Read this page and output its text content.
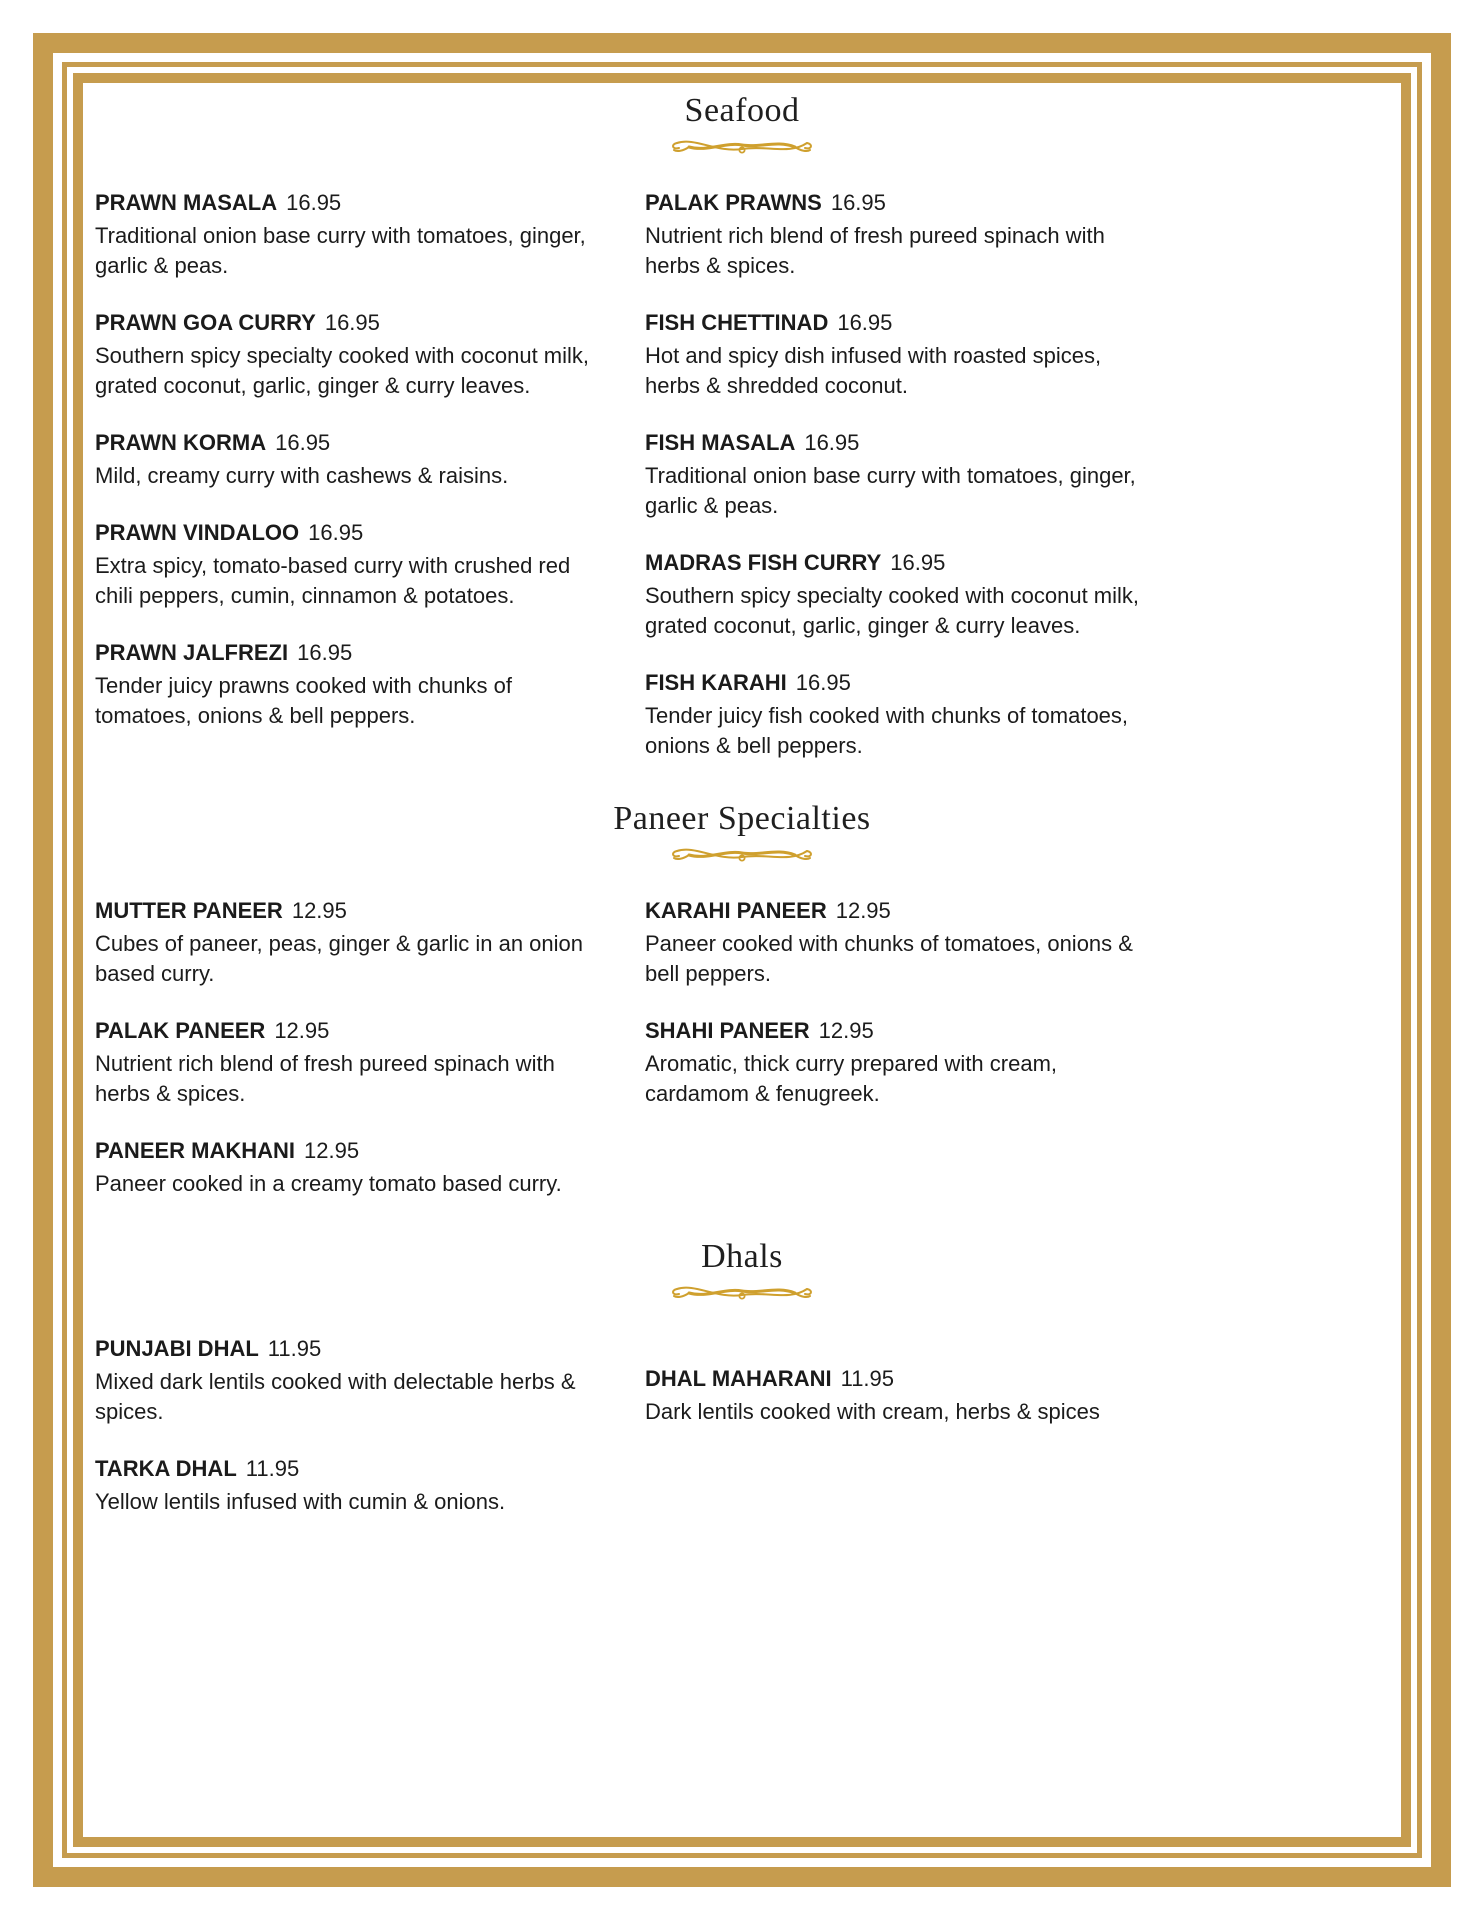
Seafood
PRAWN MASALA 16.95
Traditional onion base curry with tomatoes, ginger, garlic & peas.
PRAWN GOA CURRY 16.95
Southern spicy specialty cooked with coconut milk, grated coconut, garlic, ginger & curry leaves.
PRAWN KORMA 16.95
Mild, creamy curry with cashews & raisins.
PRAWN VINDALOO 16.95
Extra spicy, tomato-based curry with crushed red chili peppers, cumin, cinnamon & potatoes.
PRAWN JALFREZI 16.95
Tender juicy prawns cooked with chunks of tomatoes, onions & bell peppers.
PALAK PRAWNS 16.95
Nutrient rich blend of fresh pureed spinach with herbs & spices.
FISH CHETTINAD 16.95
Hot and spicy dish infused with roasted spices, herbs & shredded coconut.
FISH MASALA 16.95
Traditional onion base curry with tomatoes, ginger, garlic & peas.
MADRAS FISH CURRY 16.95
Southern spicy specialty cooked with coconut milk, grated coconut, garlic, ginger & curry leaves.
FISH KARAHI 16.95
Tender juicy fish cooked with chunks of tomatoes, onions & bell peppers.
Paneer Specialties
MUTTER PANEER 12.95
Cubes of paneer, peas, ginger & garlic in an onion based curry.
PALAK PANEER 12.95
Nutrient rich blend of fresh pureed spinach with herbs & spices.
PANEER MAKHANI 12.95
Paneer cooked in a creamy tomato based curry.
KARAHI PANEER 12.95
Paneer cooked with chunks of tomatoes, onions & bell peppers.
SHAHI PANEER 12.95
Aromatic, thick curry prepared with cream, cardamom & fenugreek.
Dhals
PUNJABI DHAL 11.95
Mixed dark lentils cooked with delectable herbs & spices.
TARKA DHAL 11.95
Yellow lentils infused with cumin & onions.
DHAL MAHARANI 11.95
Dark lentils cooked with cream, herbs & spices
